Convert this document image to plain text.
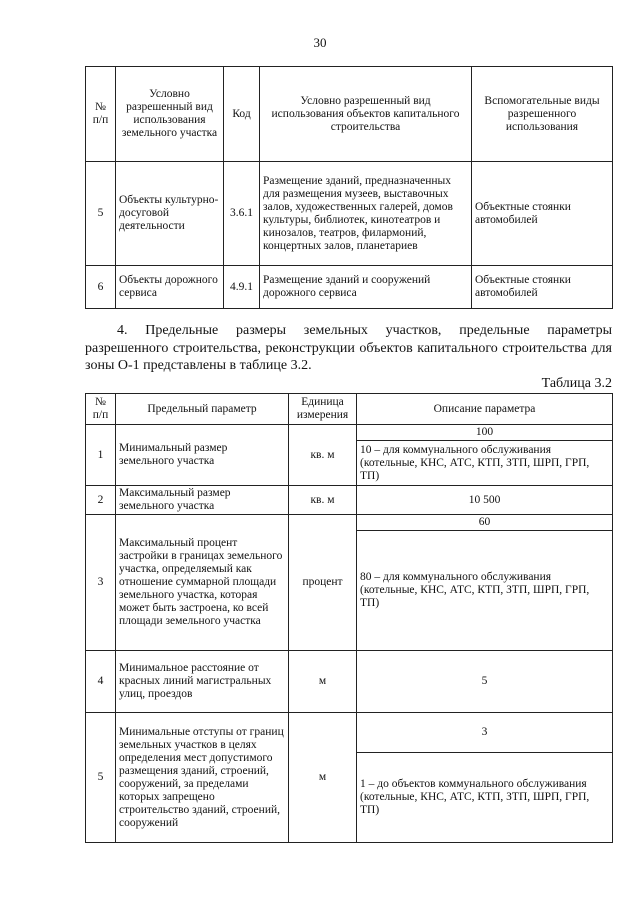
30
№ п/п	Условно разрешенный вид использования земельного участка	Код	Условно разрешенный вид использования объектов капитального строительства	Вспомогательные виды разрешенного использования
5	Объекты культурно-досуговой деятельности	3.6.1	Размещение зданий, предназначенных для размещения музеев, выставочных залов, художественных галерей, домов культуры, библиотек, кинотеатров и кинозалов, театров, филармоний, концертных залов, планетариев	Объектные стоянки автомобилей
6	Объекты дорожного сервиса	4.9.1	Размещение зданий и сооружений дорожного сервиса	Объектные стоянки автомобилей

4. Предельные размеры земельных участков, предельные параметры разрешенного строительства, реконструкции объектов капитального строительства для зоны О-1 представлены в таблице 3.2.

Таблица 3.2
№ п/п	Предельный параметр	Единица измерения	Описание параметра
1	Минимальный размер земельного участка	кв. м	100
			10 – для коммунального обслуживания (котельные, КНС, АТС, КТП, ЗТП, ШРП, ГРП, ТП)
2	Максимальный размер земельного участка	кв. м	10 500
3	Максимальный процент застройки в границах земельного участка, определяемый как отношение суммарной площади земельного участка, которая может быть застроена, ко всей площади земельного участка	процент	60
			80 – для коммунального обслуживания (котельные, КНС, АТС, КТП, ЗТП, ШРП, ГРП, ТП)
4	Минимальное расстояние от красных линий магистральных улиц, проездов	м	5
5	Минимальные отступы от границ земельных участков в целях определения мест допустимого размещения зданий, строений, сооружений, за пределами которых запрещено строительство зданий, строений, сооружений	м	3
			1 – до объектов коммунального обслуживания (котельные, КНС, АТС, КТП, ЗТП, ШРП, ГРП, ТП)
